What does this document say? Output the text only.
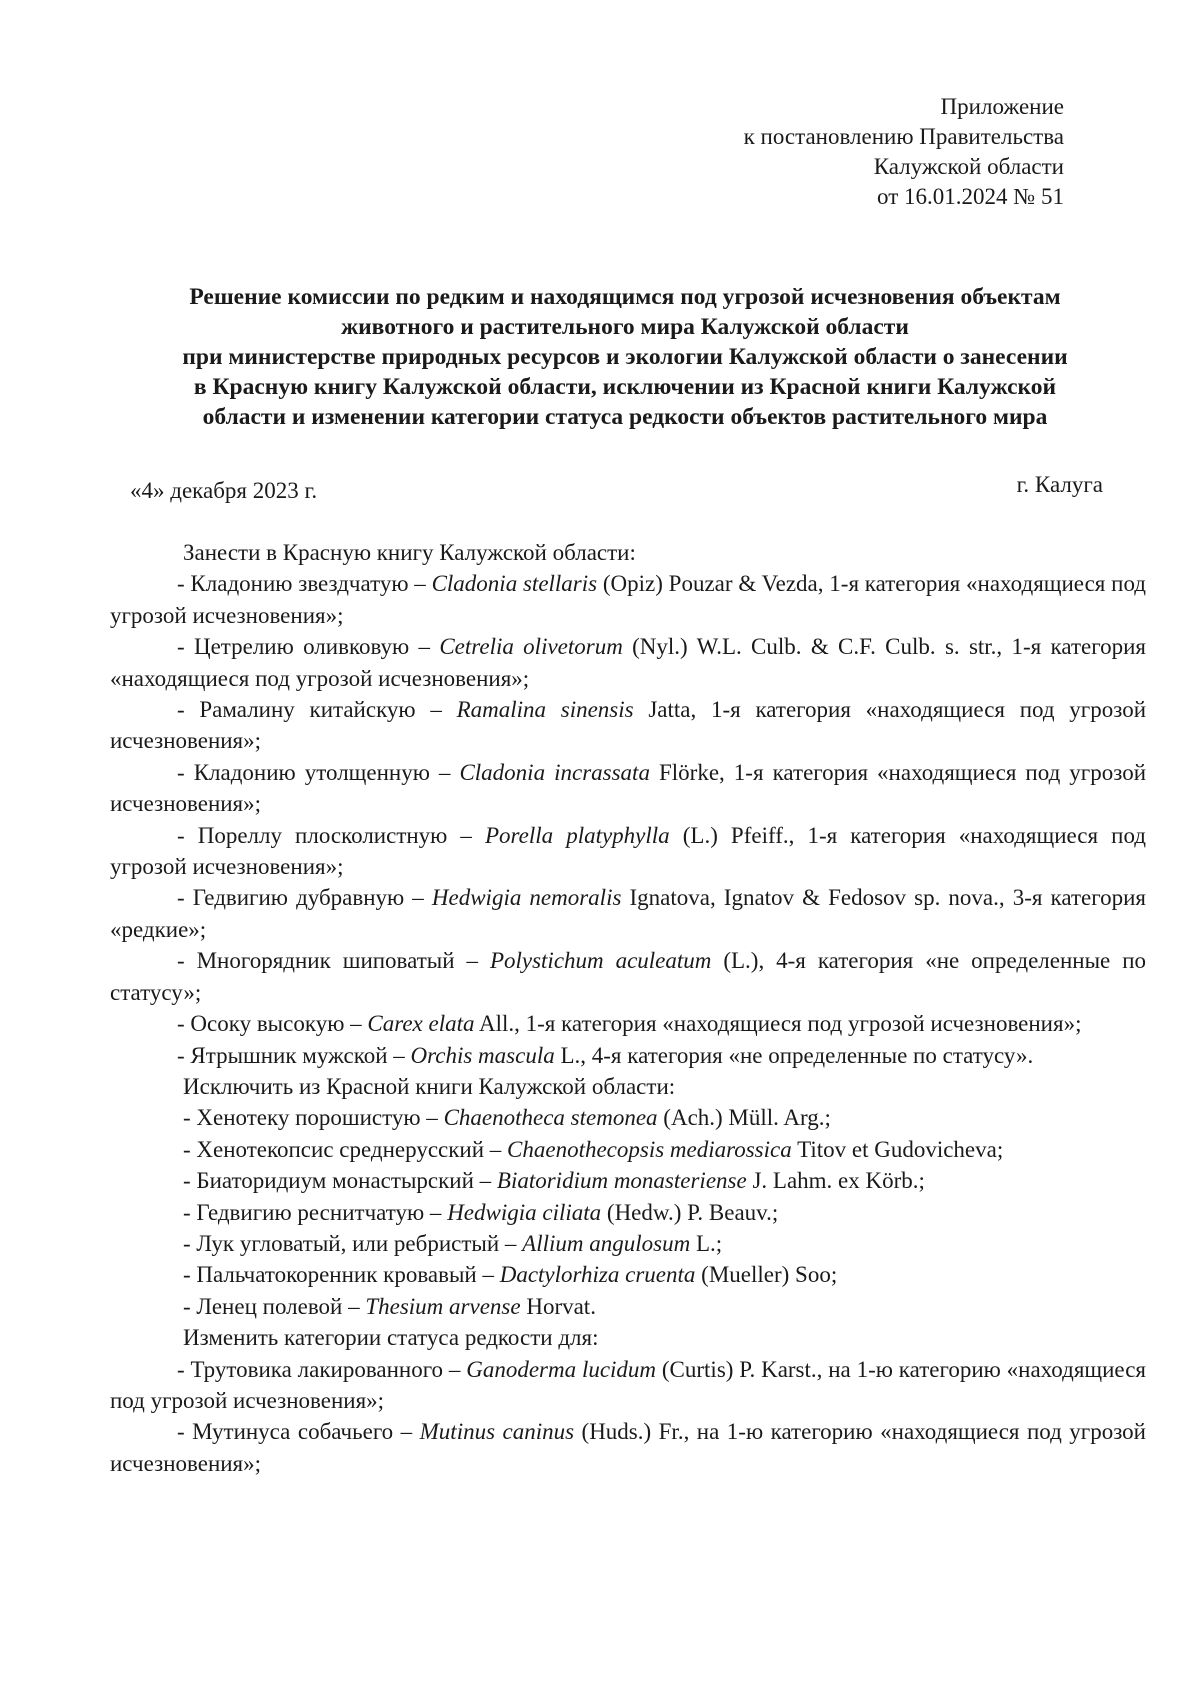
Приложение
к постановлению Правительства
Калужской области
от 16.01.2024 № 51
Решение комиссии по редким и находящимся под угрозой исчезновения объектам
животного и растительного мира Калужской области
при министерстве природных ресурсов и экологии Калужской области о занесении
в Красную книгу Калужской области, исключении из Красной книги Калужской
области и изменении категории статуса редкости объектов растительного мира
«4» декабря 2023 г.	г. Калуга

Занести в Красную книгу Калужской области:

- Кладонию звездчатую – Cladonia stellaris (Opiz) Pouzar & Vezda, 1-я категория «находящиеся под угрозой исчезновения»;

- Цетрелию оливковую – Cetrelia olivetorum (Nyl.) W.L. Culb. & C.F. Culb. s. str., 1-я категория «находящиеся под угрозой исчезновения»;

- Рамалину китайскую – Ramalina sinensis Jatta, 1-я категория «находящиеся под угрозой исчезновения»;

- Кладонию утолщенную – Cladonia incrassata Flörke, 1-я категория «находящиеся под угрозой исчезновения»;

- Пореллу плосколистную – Porella platyphylla (L.) Pfeiff., 1-я категория «находящиеся под угрозой исчезновения»;

- Гедвигию дубравную – Hedwigia nemoralis Ignatova, Ignatov & Fedosov sp. nova., 3-я категория «редкие»;

- Многорядник шиповатый – Polystichum aculeatum (L.), 4-я категория «не определенные по статусу»;

- Осоку высокую – Carex elata All., 1-я категория «находящиеся под угрозой исчезновения»;

- Ятрышник мужской – Orchis mascula L., 4-я категория «не определенные по статусу».

Исключить из Красной книги Калужской области:

- Хенотеку порошистую – Chaenotheca stemonea (Ach.) Müll. Arg.;

- Хенотекопсис среднерусский – Chaenothecopsis mediarossica Titov et Gudovicheva;

- Биаторидиум монастырский – Biatoridium monasteriense J. Lahm. ex Körb.;

- Гедвигию реснитчатую – Hedwigia ciliata (Hedw.) P. Beauv.;

- Лук угловатый, или ребристый – Allium angulosum L.;

- Пальчатокоренник кровавый – Dactylorhiza cruenta (Mueller) Soo;

- Ленец полевой – Thesium arvense Horvat.

Изменить категории статуса редкости для:

- Трутовика лакированного – Ganoderma lucidum (Curtis) P. Karst., на 1-ю категорию «находящиеся под угрозой исчезновения»;

- Мутинуса собачьего – Mutinus caninus (Huds.) Fr., на 1-ю категорию «находящиеся под угрозой исчезновения»;
